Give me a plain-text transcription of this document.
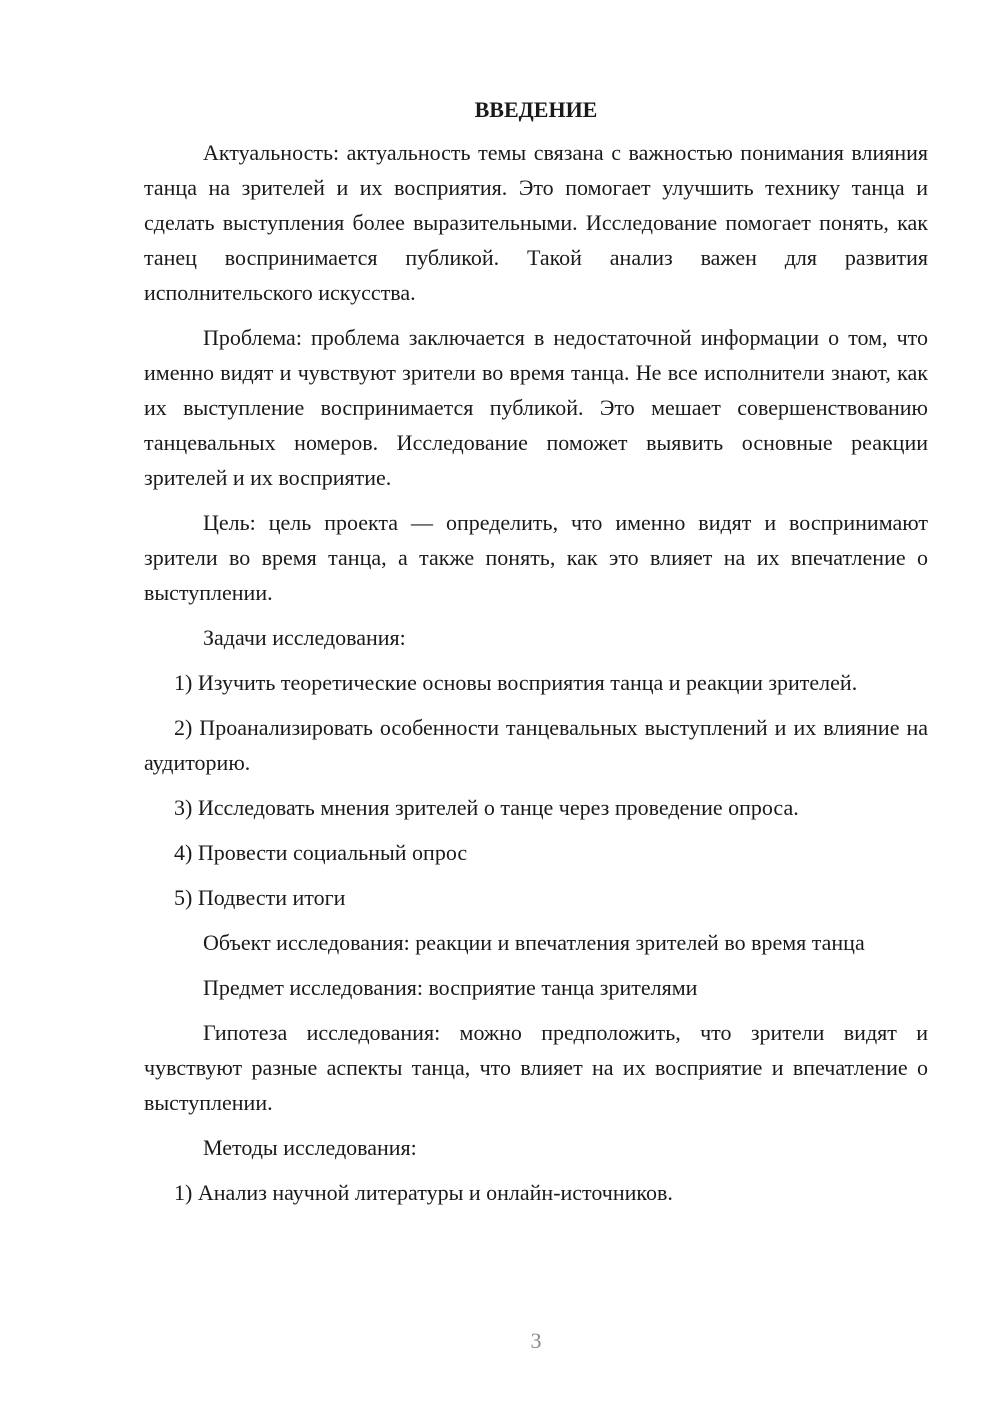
ВВЕДЕНИЕ

Актуальность: актуальность темы связана с важностью понимания влияния танца на зрителей и их восприятия. Это помогает улучшить технику танца и сделать выступления более выразительными. Исследование помогает понять, как танец воспринимается публикой. Такой анализ важен для развития исполнительского искусства.

Проблема: проблема заключается в недостаточной информации о том, что именно видят и чувствуют зрители во время танца. Не все исполнители знают, как их выступление воспринимается публикой. Это мешает совершенствованию танцевальных номеров. Исследование поможет выявить основные реакции зрителей и их восприятие.

Цель: цель проекта — определить, что именно видят и воспринимают зрители во время танца, а также понять, как это влияет на их впечатление о выступлении.

Задачи исследования:

1) Изучить теоретические основы восприятия танца и реакции зрителей.

2) Проанализировать особенности танцевальных выступлений и их влияние на аудиторию.

3) Исследовать мнения зрителей о танце через проведение опроса.

4) Провести социальный опрос

5) Подвести итоги

Объект исследования: реакции и впечатления зрителей во время танца

Предмет исследования: восприятие танца зрителями

Гипотеза исследования: можно предположить, что зрители видят и чувствуют разные аспекты танца, что влияет на их восприятие и впечатление о выступлении.

Методы исследования:

1) Анализ научной литературы и онлайн-источников.

3
